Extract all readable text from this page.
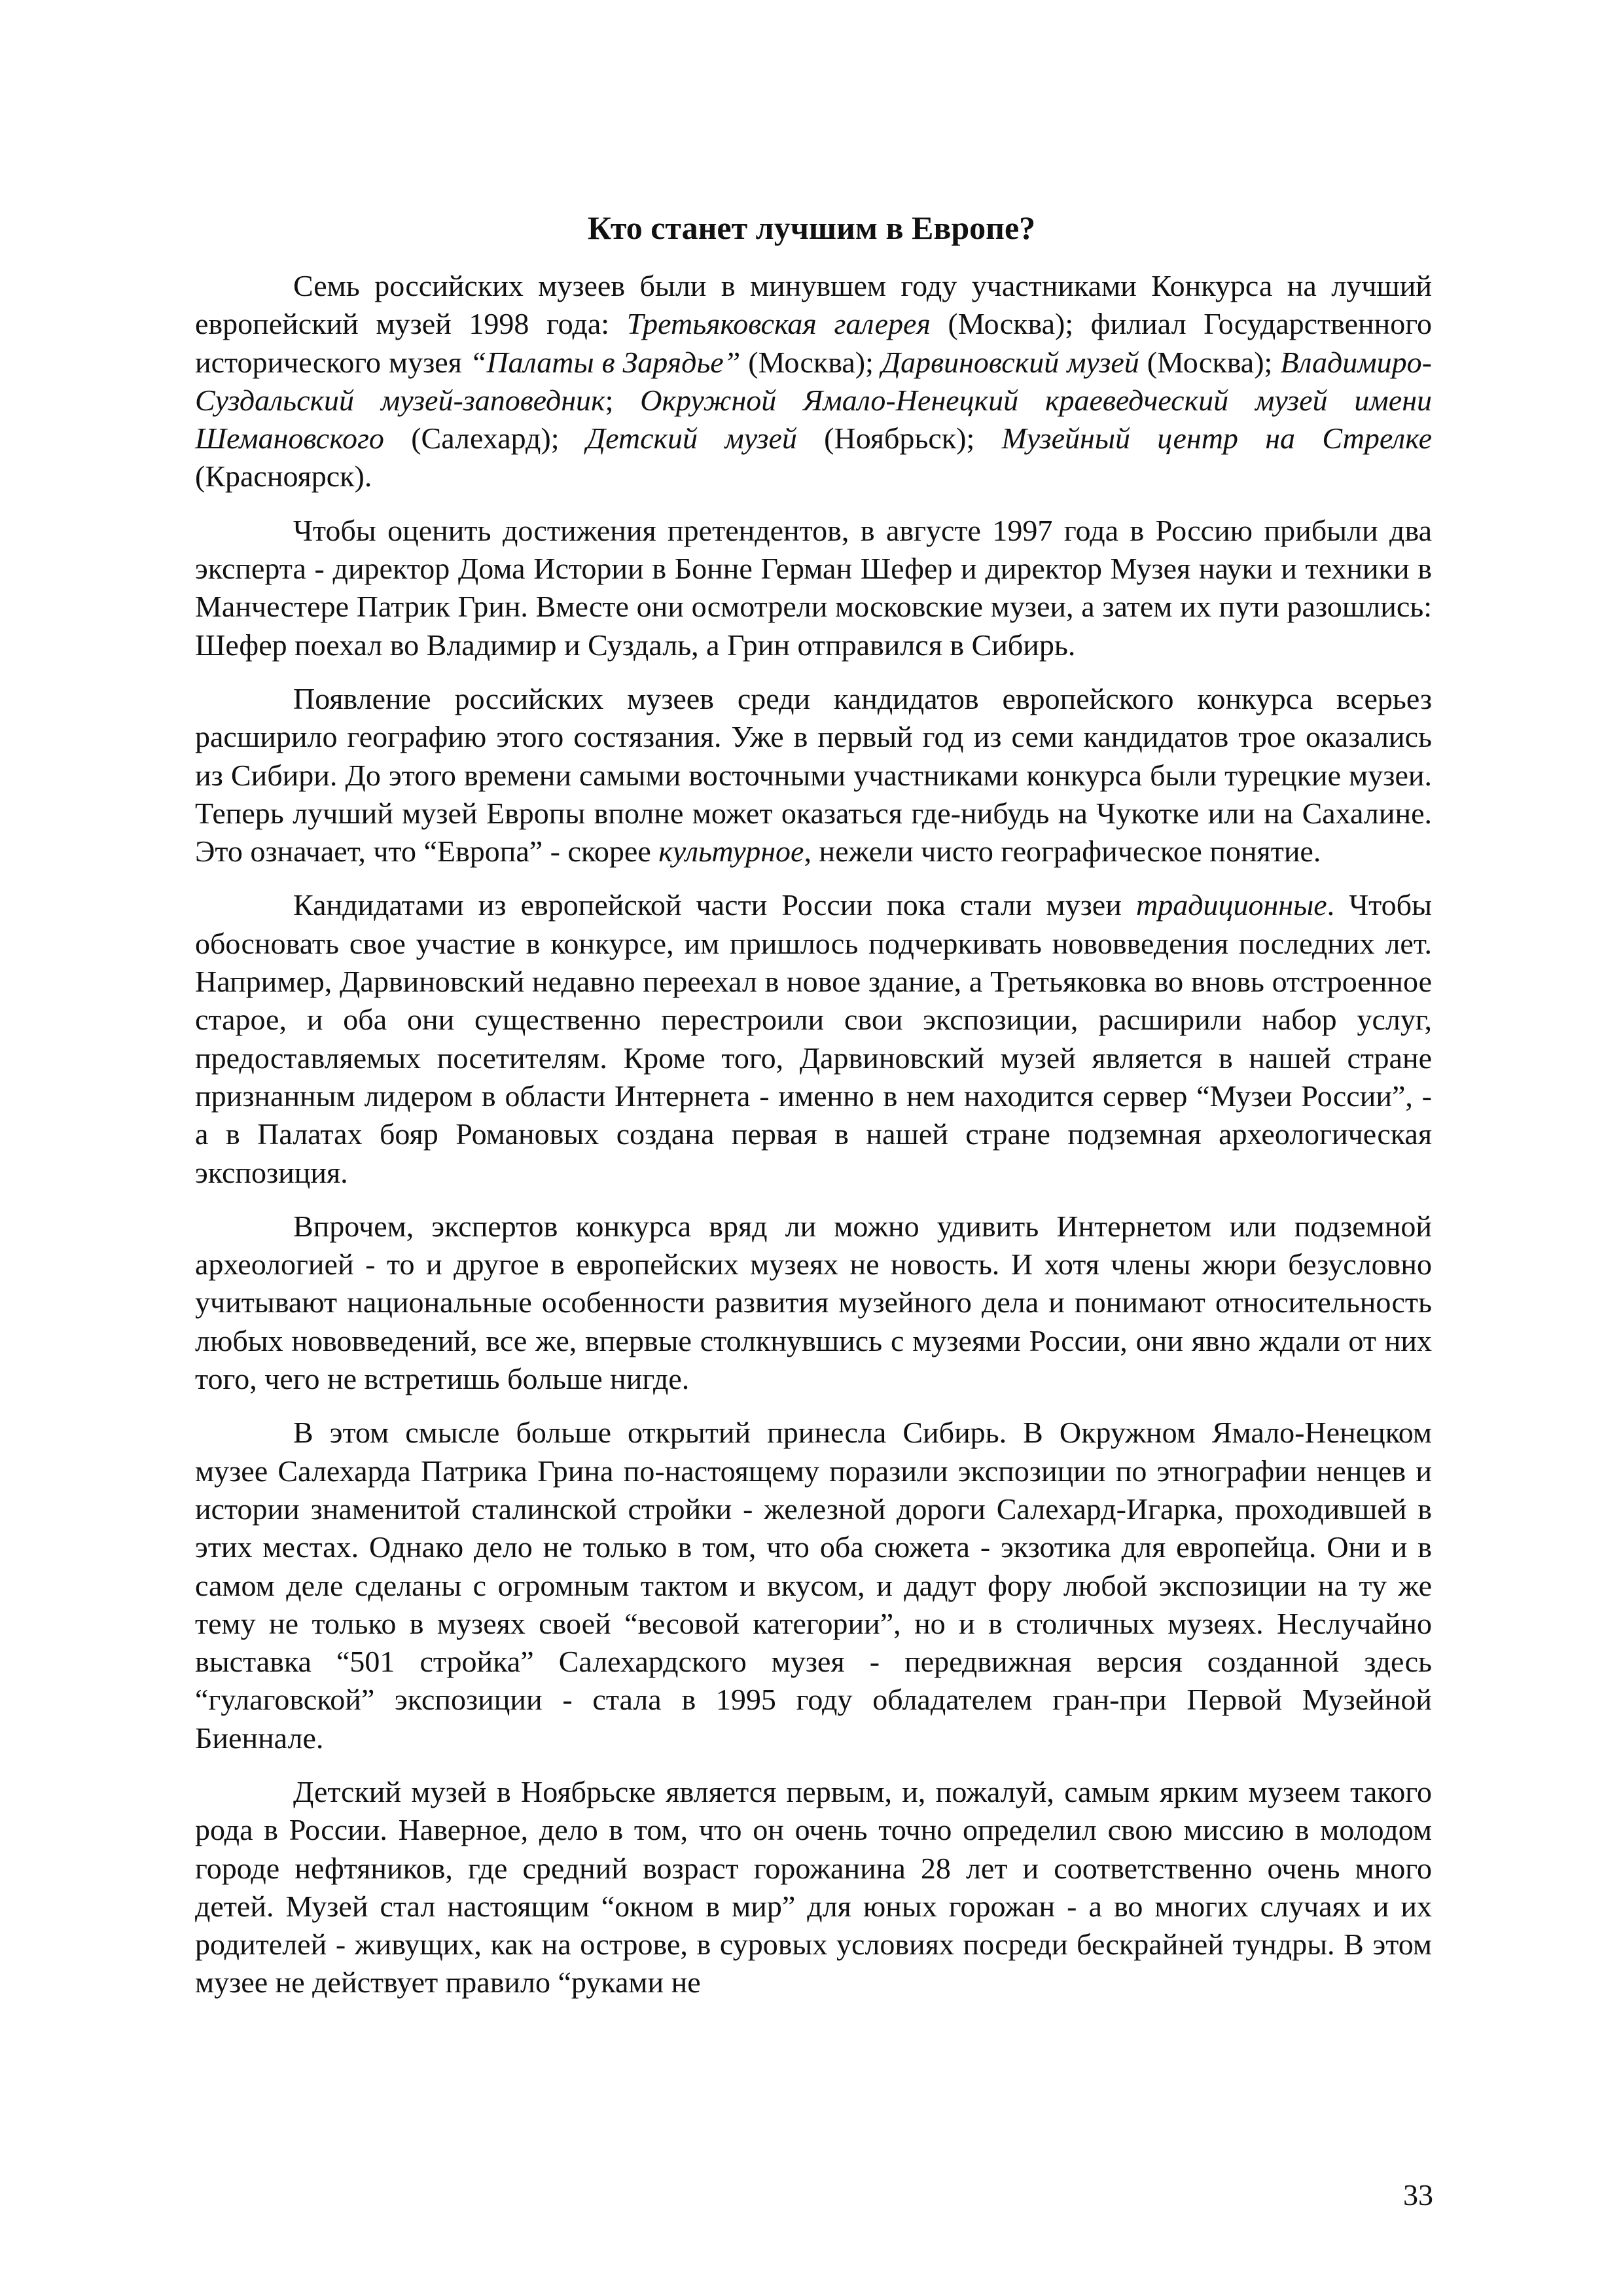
Кто станет лучшим в Европе?

Семь российских музеев были в минувшем году участниками Конкурса на лучший европейский музей 1998 года: Третьяковская галерея (Москва); филиал Государственного исторического музея “Палаты в Зарядье” (Москва); Дарвиновский музей (Москва); Владимиро-Суздальский музей-заповедник; Окружной Ямало-Ненецкий краеведческий музей имени Шемановского (Салехард); Детский музей (Ноябрьск); Музейный центр на Стрелке (Красноярск).

Чтобы оценить достижения претендентов, в августе 1997 года в Россию прибыли два эксперта - директор Дома Истории в Бонне Герман Шефер и директор Музея науки и техники в Манчестере Патрик Грин. Вместе они осмотрели московские музеи, а затем их пути разошлись: Шефер поехал во Владимир и Суздаль, а Грин отправился в Сибирь.

Появление российских музеев среди кандидатов европейского конкурса всерьез расширило географию этого состязания. Уже в первый год из семи кандидатов трое оказались из Сибири. До этого времени самыми восточными участниками конкурса были турецкие музеи. Теперь лучший музей Европы вполне может оказаться где-нибудь на Чукотке или на Сахалине. Это означает, что “Европа” - скорее культурное, нежели чисто географическое понятие.

Кандидатами из европейской части России пока стали музеи традиционные. Чтобы обосновать свое участие в конкурсе, им пришлось подчеркивать нововведения последних лет. Например, Дарвиновский недавно переехал в новое здание, а Третьяковка во вновь отстроенное старое, и оба они существенно перестроили свои экспозиции, расширили набор услуг, предоставляемых посетителям. Кроме того, Дарвиновский музей является в нашей стране признанным лидером в области Интернета - именно в нем находится сервер “Музеи России”, - а в Палатах бояр Романовых создана первая в нашей стране подземная археологическая экспозиция.

Впрочем, экспертов конкурса вряд ли можно удивить Интернетом или подземной археологией - то и другое в европейских музеях не новость. И хотя члены жюри безусловно учитывают национальные особенности развития музейного дела и понимают относительность любых нововведений, все же, впервые столкнувшись с музеями России, они явно ждали от них того, чего не встретишь больше нигде.

В этом смысле больше открытий принесла Сибирь. В Окружном Ямало-Ненецком музее Салехарда Патрика Грина по-настоящему поразили экспозиции по этнографии ненцев и истории знаменитой сталинской стройки - железной дороги Салехард-Игарка, проходившей в этих местах. Однако дело не только в том, что оба сюжета - экзотика для европейца. Они и в самом деле сделаны с огромным тактом и вкусом, и дадут фору любой экспозиции на ту же тему не только в музеях своей “весовой категории”, но и в столичных музеях. Неслучайно выставка “501 стройка” Салехардского музея - передвижная версия созданной здесь “гулаговской” экспозиции - стала в 1995 году обладателем гран-при Первой Музейной Биеннале.

Детский музей в Ноябрьске является первым, и, пожалуй, самым ярким музеем такого рода в России. Наверное, дело в том, что он очень точно определил свою миссию в молодом городе нефтяников, где средний возраст горожанина 28 лет и соответственно очень много детей. Музей стал настоящим “окном в мир” для юных горожан - а во многих случаях и их родителей - живущих, как на острове, в суровых условиях посреди бескрайней тундры. В этом музее не действует правило “руками не

33
